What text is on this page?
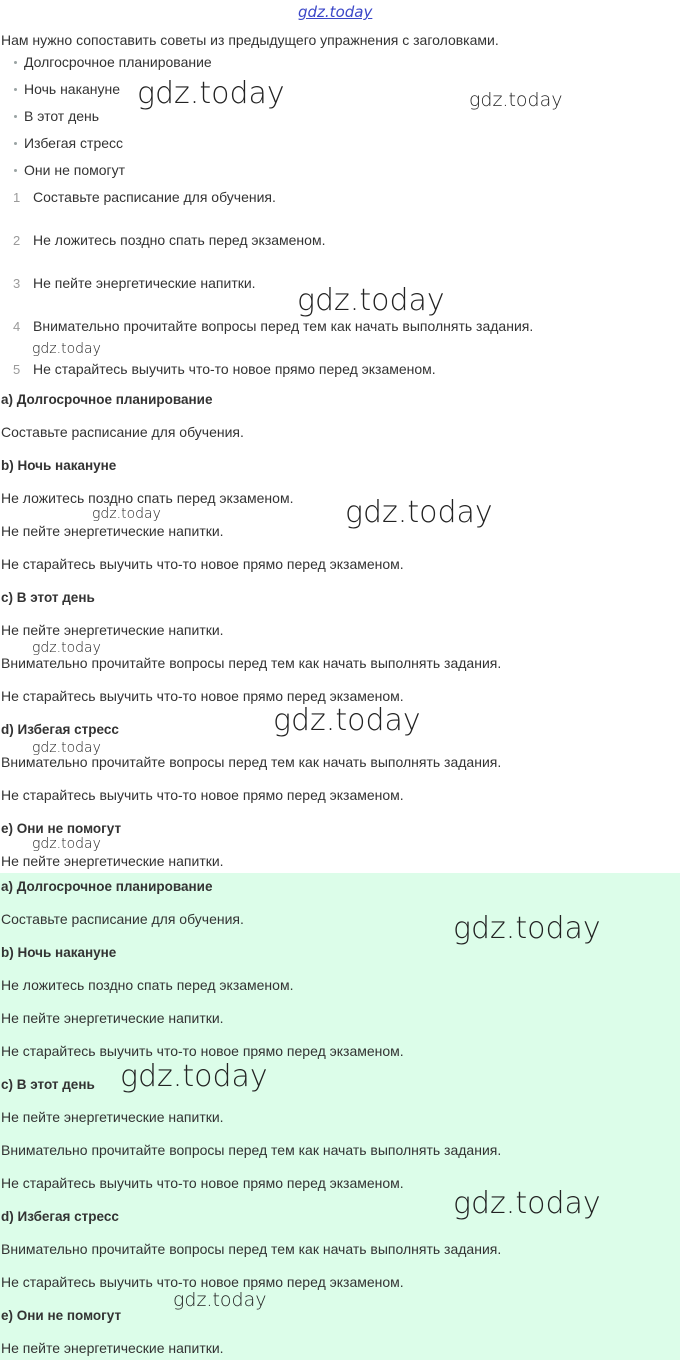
gdz.today
Нам нужно сопоставить советы из предыдущего упражнения с заголовками.
Долгосрочное планирование
Ночь накануне
В этот день
Избегая стресс
Они не помогут
1 Составьте расписание для обучения.
2 Не ложитесь поздно спать перед экзаменом.
3 Не пейте энергетические напитки.
4 Внимательно прочитайте вопросы перед тем как начать выполнять задания.
5 Не старайтесь выучить что-то новое прямо перед экзаменом.
a) Долгосрочное планирование
Составьте расписание для обучения.
b) Ночь накануне
Не ложитесь поздно спать перед экзаменом.
Не пейте энергетические напитки.
Не старайтесь выучить что-то новое прямо перед экзаменом.
c) В этот день
Не пейте энергетические напитки.
Внимательно прочитайте вопросы перед тем как начать выполнять задания.
Не старайтесь выучить что-то новое прямо перед экзаменом.
d) Избегая стресс
Внимательно прочитайте вопросы перед тем как начать выполнять задания.
Не старайтесь выучить что-то новое прямо перед экзаменом.
e) Они не помогут
Не пейте энергетические напитки.
a) Долгосрочное планирование
Составьте расписание для обучения.
b) Ночь накануне
Не ложитесь поздно спать перед экзаменом.
Не пейте энергетические напитки.
Не старайтесь выучить что-то новое прямо перед экзаменом.
c) В этот день
Не пейте энергетические напитки.
Внимательно прочитайте вопросы перед тем как начать выполнять задания.
Не старайтесь выучить что-то новое прямо перед экзаменом.
d) Избегая стресс
Внимательно прочитайте вопросы перед тем как начать выполнять задания.
Не старайтесь выучить что-то новое прямо перед экзаменом.
e) Они не помогут
Не пейте энергетические напитки.
gdz.today	gdz.today
gdz.today
gdz.today
gdz.today
gdz.today
gdz.today
gdz.today
gdz.today
gdz.today
gdz.today
gdz.today
gdz.today
gdz.today
